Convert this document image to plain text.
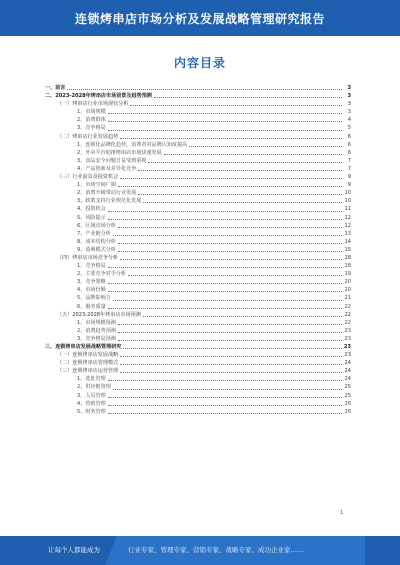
连锁烤串店市场分析及发展战略管理研究报告
内容目录
一、前言	3
二、2023-2028年烤串店市场前景及趋势预测	3
（一）烤串店行业市场现状分析	3
1、市场规模	3
2、消费群体	4
3、竞争格局	5
（二）烤串店行业发展趋势	6
1、连锁化品牌化趋势，消费者对品牌认知度提高	6
2、外卖平台助推烤串店市场快速发展	6
3、食品安全问题日益受到重视	7
4、产品创新及差异化竞争	7
（三）行业前景及投资机会	9
1、市场空间广阔	9
2、消费升级带动行业发展	10
3、政策支持行业规范化发展	10
4、投资机会	11
5、风险提示	12
6、区域市场分析	12
7、产业链分析	13
8、成本结构分析	14
9、盈利模式分析	15
（四）烤串店市场竞争分析	18
1、竞争格局	18
2、主要竞争对手分析	19
3、竞争策略	20
4、市场份额	20
5、品牌影响力	21
6、服务质量	22
（五）2023-2028年烤串店市场预测	22
1、市场规模预测	22
2、消费趋势预测	23
3、竞争格局预测	23
三、连锁烤串店发展战略管理研究	23
（一）连锁烤串店发展战略	23
（二）连锁烤串店管理模式	24
（三）连锁烤串店运营管理	24
1、选址管理	24
2、供应链管理	25
3、人员管理	25
4、营销管理	26
5、财务管理	26
1
让每个人都能成为	行业专家、管理专家、营销专家、战略专家、成功企业家……
